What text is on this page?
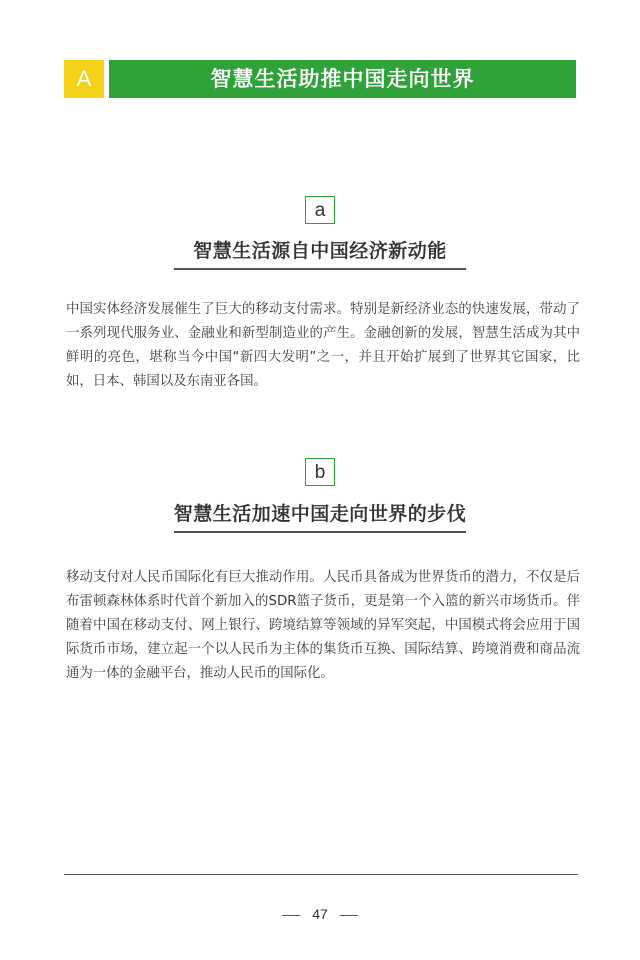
A	智慧生活助推中国走向世界
a
智慧生活源自中国经济新动能
中国实体经济发展催生了巨大的移动支付需求。特别是新经济业态的快速发展，带动了一系列现代服务业、金融业和新型制造业的产生。金融创新的发展，智慧生活成为其中鲜明的亮色，堪称当今中国“新四大发明”之一，并且开始扩展到了世界其它国家，比如，日本、韩国以及东南亚各国。
b
智慧生活加速中国走向世界的步伐
移动支付对人民币国际化有巨大推动作用。人民币具备成为世界货币的潜力，不仅是后布雷顿森林体系时代首个新加入的SDR篮子货币，更是第一个入篮的新兴市场货币。伴随着中国在移动支付、网上银行、跨境结算等领域的异军突起，中国模式将会应用于国际货币市场，建立起一个以人民币为主体的集货币互换、国际结算、跨境消费和商品流通为一体的金融平台，推动人民币的国际化。
47
